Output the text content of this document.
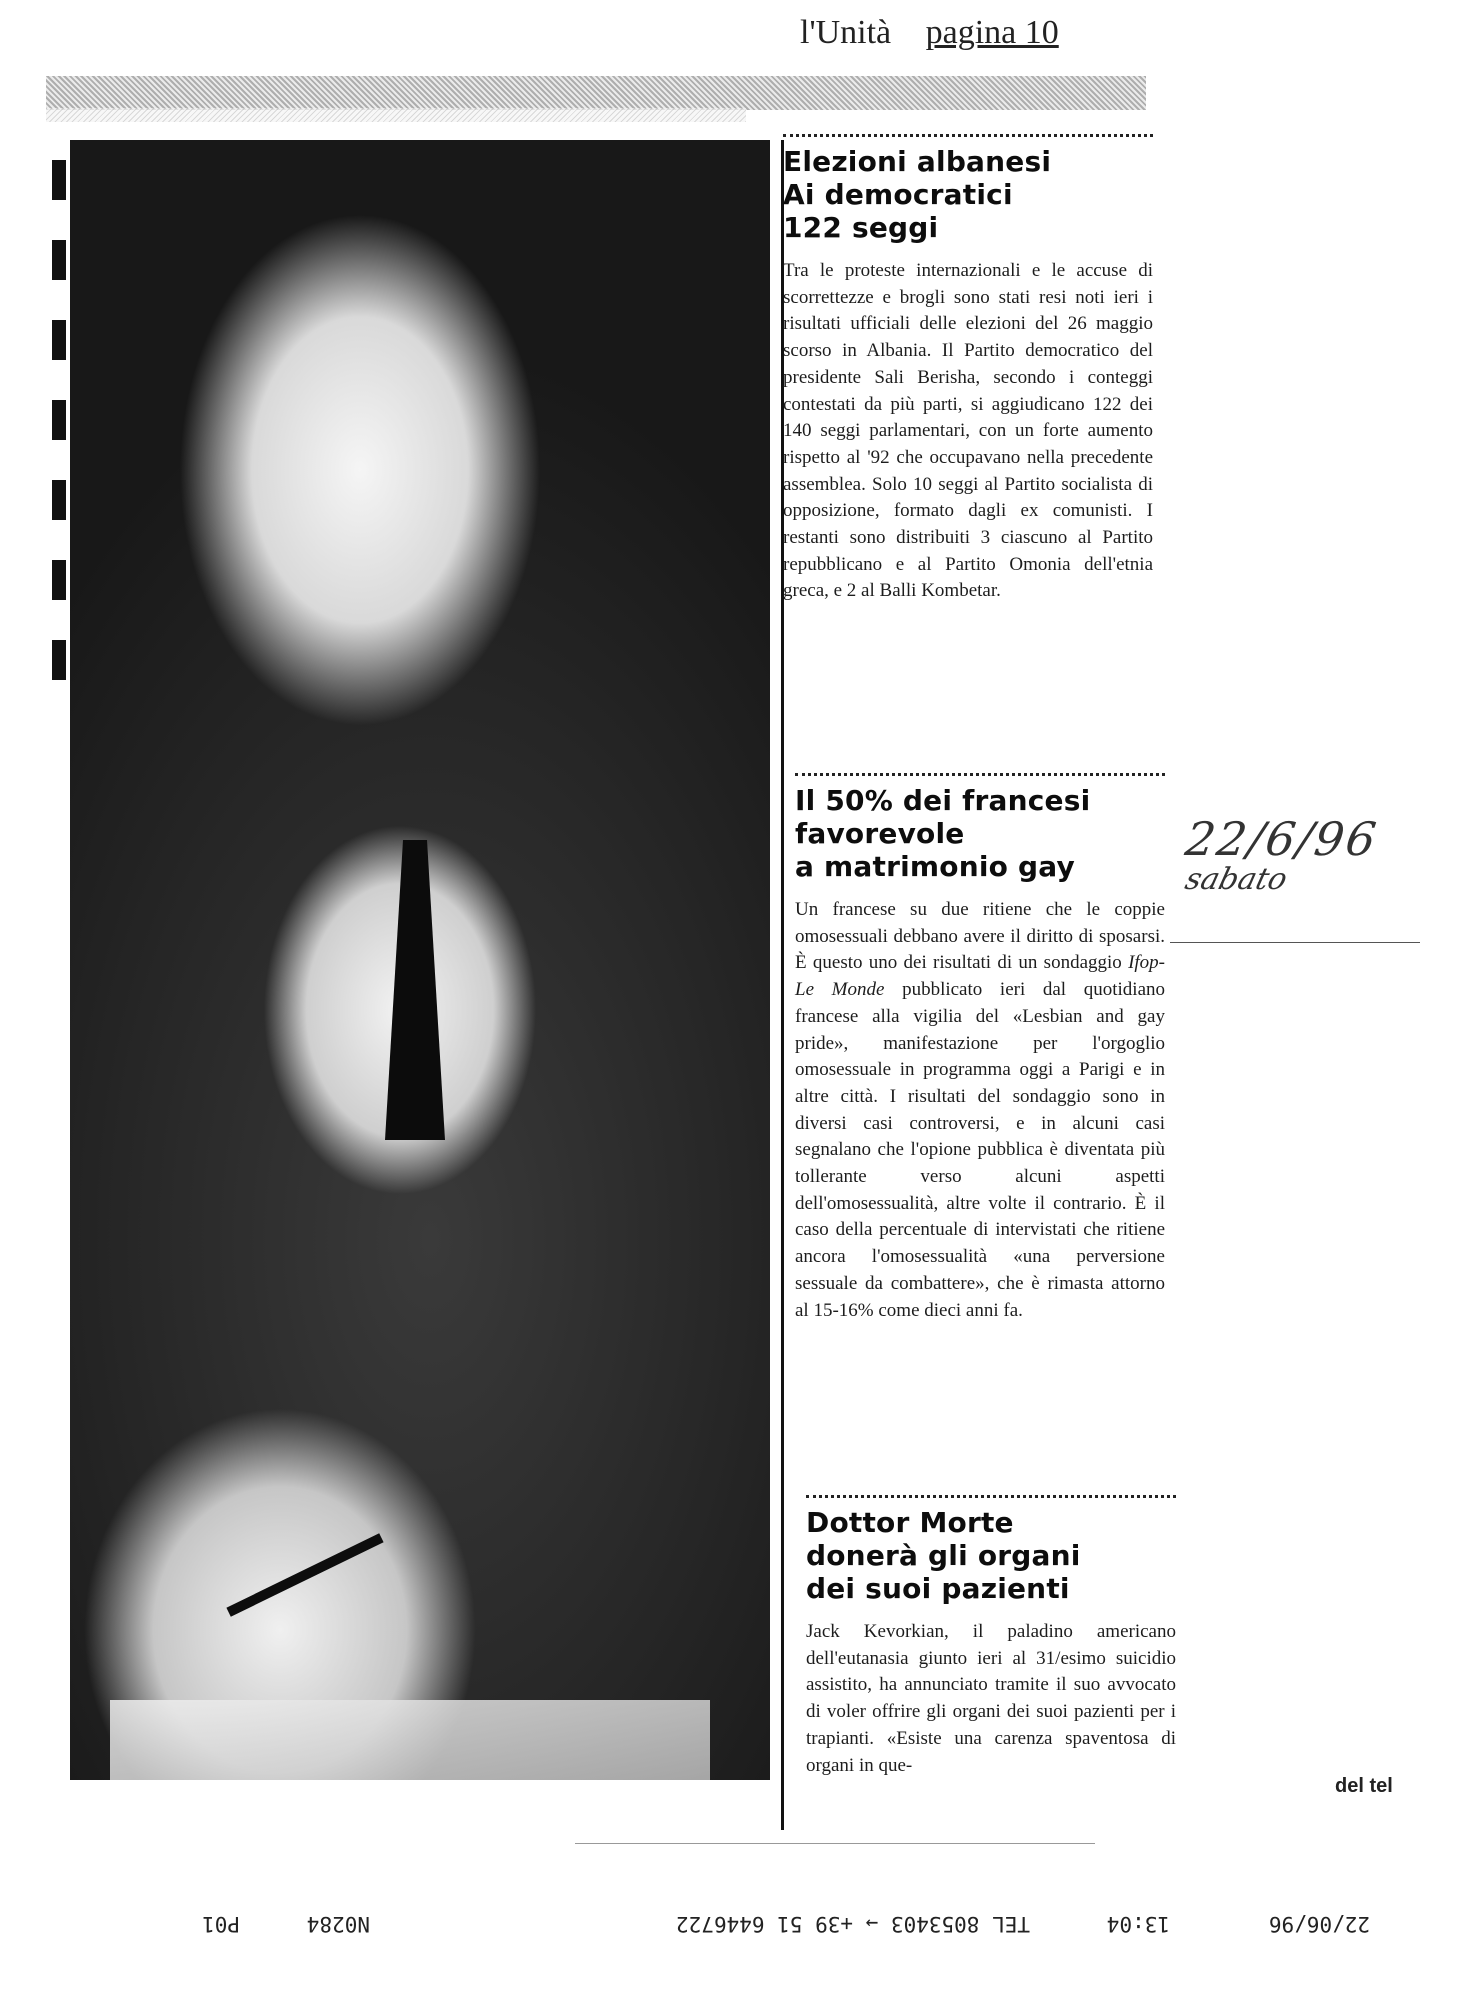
l'Unità pagina 10
Elezioni albanesi
Ai democratici
122 seggi

Tra le proteste internazionali e le accuse di scorrettezze e brogli sono stati resi noti ieri i risultati ufficiali delle elezioni del 26 maggio scorso in Albania. Il Partito democratico del presidente Sali Berisha, secondo i conteggi contestati da più parti, si aggiudicano 122 dei 140 seggi parlamentari, con un forte aumento rispetto al '92 che occupavano nella precedente assemblea. Solo 10 seggi al Partito socialista di opposizione, formato dagli ex comunisti. I restanti sono distribuiti 3 ciascuno al Partito repubblicano e al Partito Omonia dell'etnia greca, e 2 al Balli Kombetar.

Il 50% dei francesi
favorevole
a matrimonio gay

Un francese su due ritiene che le coppie omosessuali debbano avere il diritto di sposarsi. È questo uno dei risultati di un sondaggio Ifop-Le Monde pubblicato ieri dal quotidiano francese alla vigilia del «Lesbian and gay pride», manifestazione per l'orgoglio omosessuale in programma oggi a Parigi e in altre città. I risultati del sondaggio sono in diversi casi controversi, e in alcuni casi segnalano che l'opione pubblica è diventata più tollerante verso alcuni aspetti dell'omosessualità, altre volte il contrario. È il caso della percentuale di intervistati che ritiene ancora l'omosessualità «una perversione sessuale da combattere», che è rimasta attorno al 15-16% come dieci anni fa.

Dottor Morte
donerà gli organi
dei suoi pazienti

Jack Kevorkian, il paladino americano dell'eutanasia giunto ieri al 31/esimo suicidio assistito, ha annunciato tramite il suo avvocato di voler offrire gli organi dei suoi pazienti per i trapianti. «Esiste una carenza spaventosa di organi in que-

22/6/96
sabato
del tel
22/06/96
13:04
TEL 8053403 → +39 51 6446722
N0284
P01
